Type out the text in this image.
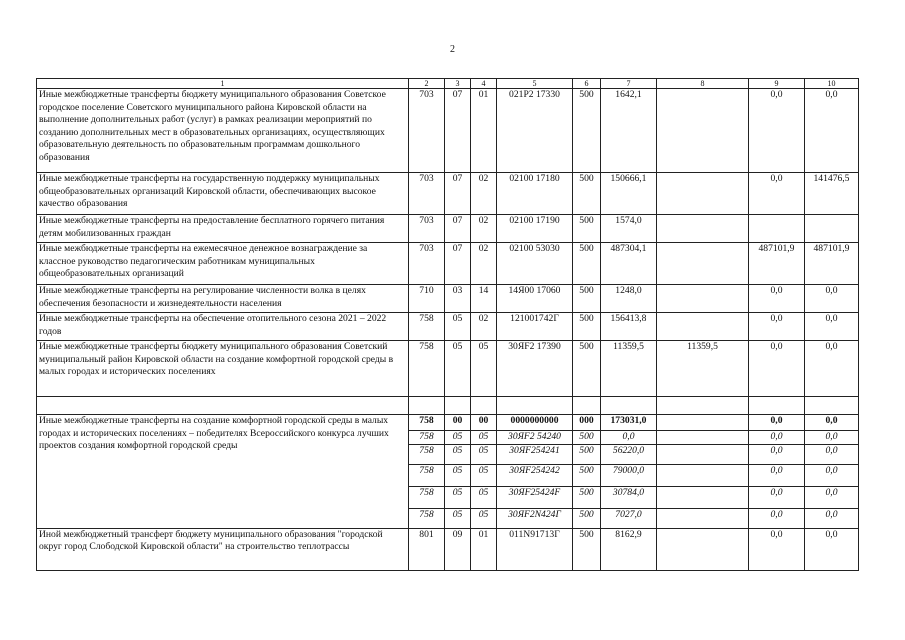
2
1	2	3	4	5	6	7	8	9	10
Иные межбюджетные трансферты бюджету муниципального образования Советское городское поселение Советского муниципального района Кировской области на выполнение дополнительных работ (услуг) в рамках реализации мероприятий по созданию дополнительных мест в образовательных организациях, осуществляющих образовательную деятельность по образовательным программам дошкольного образования	703	07	01	021P2 17330	500	1642,1		0,0	0,0
Иные межбюджетные трансферты на государственную поддержку муниципальных общеобразовательных организаций Кировской области, обеспечивающих высокое качество образования	703	07	02	02100 17180	500	150666,1		0,0	141476,5
Иные межбюджетные трансферты на предоставление бесплатного горячего питания детям мобилизованных граждан	703	07	02	02100 17190	500	1574,0			
Иные межбюджетные трансферты на ежемесячное денежное вознаграждение за классное руководство педагогическим работникам муниципальных общеобразовательных организаций	703	07	02	02100 53030	500	487304,1		487101,9	487101,9
Иные межбюджетные трансферты на регулирование численности волка в целях обеспечения безопасности и жизнедеятельности населения	710	03	14	14Я00 17060	500	1248,0		0,0	0,0
Иные межбюджетные трансферты на обеспечение отопительного сезона 2021 – 2022 годов	758	05	02	121001742Г	500	156413,8		0,0	0,0
Иные межбюджетные трансферты бюджету муниципального образования Советский муниципальный район Кировской области на создание комфортной городской среды в малых городах и исторических поселениях	758	05	05	30ЯF2 17390	500	11359,5	11359,5	0,0	0,0

Иные межбюджетные трансферты на создание комфортной городской среды в малых городах и исторических поселениях – победителях Всероссийского конкурса лучших проектов создания комфортной городской среды	758	00	00	0000000000	000	173031,0		0,0	0,0
	758	05	05	30ЯF2 54240	500	0,0		0,0	0,0
	758	05	05	30ЯF254241	500	56220,0		0,0	0,0
	758	05	05	30ЯF254242	500	79000,0		0,0	0,0
	758	05	05	30ЯF25424F	500	30784,0		0,0	0,0
	758	05	05	30ЯF2N424Г	500	7027,0		0,0	0,0
Иной межбюджетный трансферт бюджету муниципального образования "городской округ город Слободской Кировской области" на строительство теплотрассы	801	09	01	011N91713Г	500	8162,9		0,0	0,0
